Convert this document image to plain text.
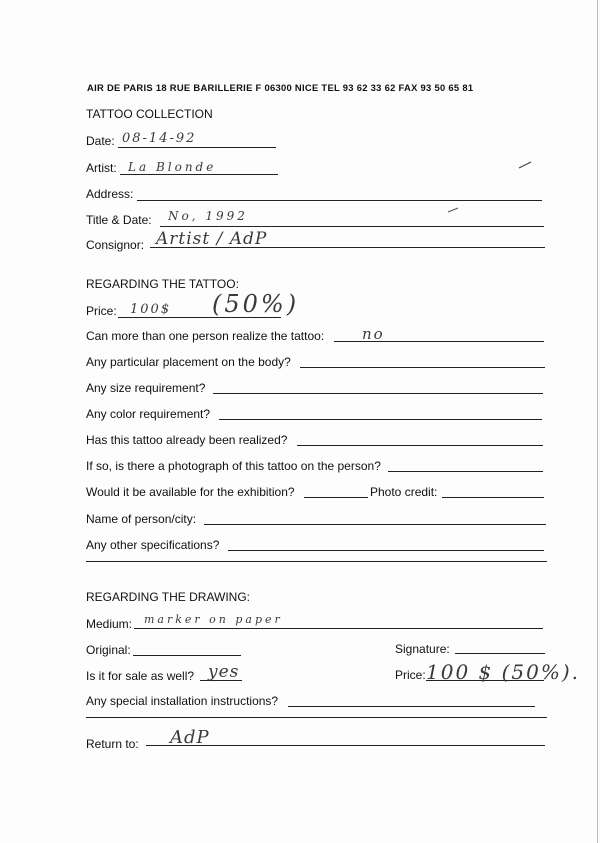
AIR DE PARIS 18 RUE BARILLERIE F 06300 NICE TEL 93 62 33 62 FAX 93 50 65 81
TATTOO COLLECTION
Date: 08-14-92
Artist: La Blonde
Address:
Title & Date: No, 1992
Consignor: Artist / AdP
REGARDING THE TATTOO:
Price: 100$ (50%)
Can more than one person realize the tattoo:	no
Any particular placement on the body?
Any size requirement?
Any color requirement?
Has this tattoo already been realized?
If so, is there a photograph of this tattoo on the person?
Would it be available for the exhibition?	Photo credit:
Name of person/city:
Any other specifications?
REGARDING THE DRAWING:
Medium: marker on paper
Original:	Signature:
Is it for sale as well? yes	Price: 100 $ (50%).
Any special installation instructions?
Return to: AdP
